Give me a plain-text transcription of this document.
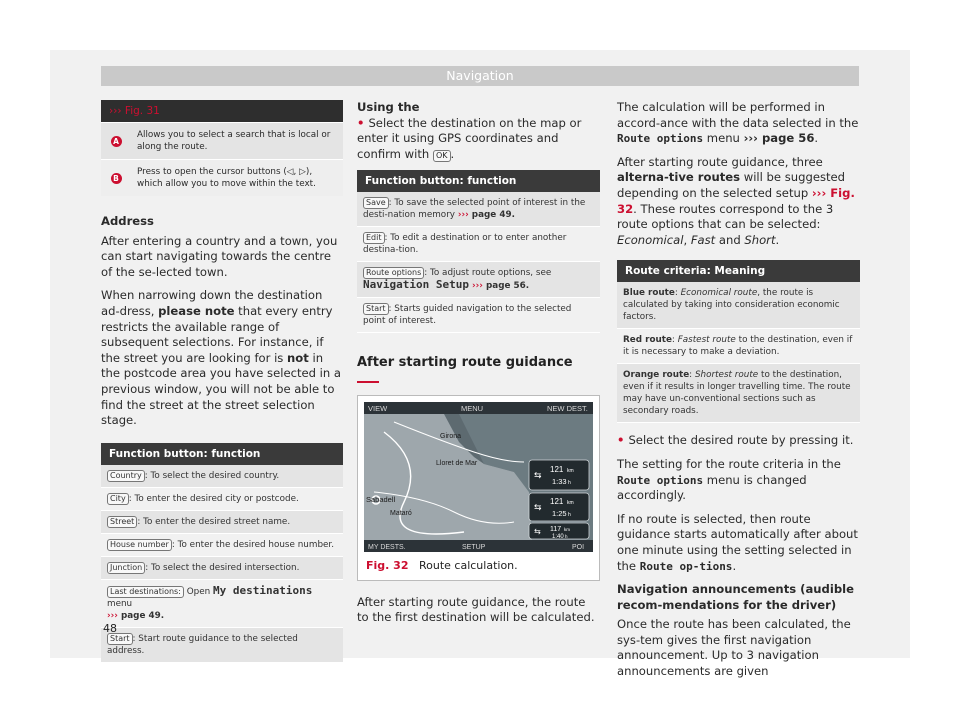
Navigation
››› Fig. 31
A
Allows you to select a search that is local or along the route.
B
Press to open the cursor buttons (◁, ▷), which allow you to move within the text.

Address

After entering a country and a town, you can start navigating towards the centre of the se-lected town.

When narrowing down the destination ad-dress, please note that every entry restricts the available range of subsequent selections. For instance, if the street you are looking for is not in the postcode area you have selected in a previous window, you will not be able to find the street at the street selection stage.

Function button: function
Country : To select the desired country.
City : To enter the desired city or postcode.
Street : To enter the desired street name.
House number : To enter the desired house number.
Junction : To select the desired intersection.
Last destinations: Open My destinations menu
››› page 49.
Start : Start route guidance to the selected address.

Using the

• Select the destination on the map or enter it using GPS coordinates and confirm with OK .

Function button: function
Save : To save the selected point of interest in the desti-nation memory ››› page 49.
Edit : To edit a destination or to enter another destina-tion.
Route options : To adjust route options, see Navigation Setup ››› page 56.
Start : Starts guided navigation to the selected point of interest.
After starting route guidance
VIEW	MENU	NEW DEST.
Girona
Lloret de Mar
Sabadell
Mataró
⇆
121 km
1:33 h
⇆
121 km
1:25 h
⇆ 117 km
1:40 h
MY DESTS.	SETUP	POI
B5F-0795
Fig. 32 Route calculation.

After starting route guidance, the route to the first destination will be calculated.

The calculation will be performed in accord-ance with the data selected in the Route options menu ››› page 56.

After starting route guidance, three alterna-tive routes will be suggested depending on the selected setup ››› Fig. 32. These routes correspond to the 3 route options that can be selected: Economical, Fast and Short.

Route criteria: Meaning
Blue route: Economical route, the route is calculated by taking into consideration economic factors.
Red route: Fastest route to the destination, even if it is necessary to make a deviation.
Orange route: Shortest route to the destination, even if it results in longer travelling time. The route may have un-conventional sections such as secondary roads.

• Select the desired route by pressing it.

The setting for the route criteria in the Route options menu is changed accordingly.

If no route is selected, then route guidance starts automatically after about one minute using the setting selected in the Route op-tions.

Navigation announcements (audible recom-mendations for the driver)

Once the route has been calculated, the sys-tem gives the first navigation announcement. Up to 3 navigation announcements are given

48
